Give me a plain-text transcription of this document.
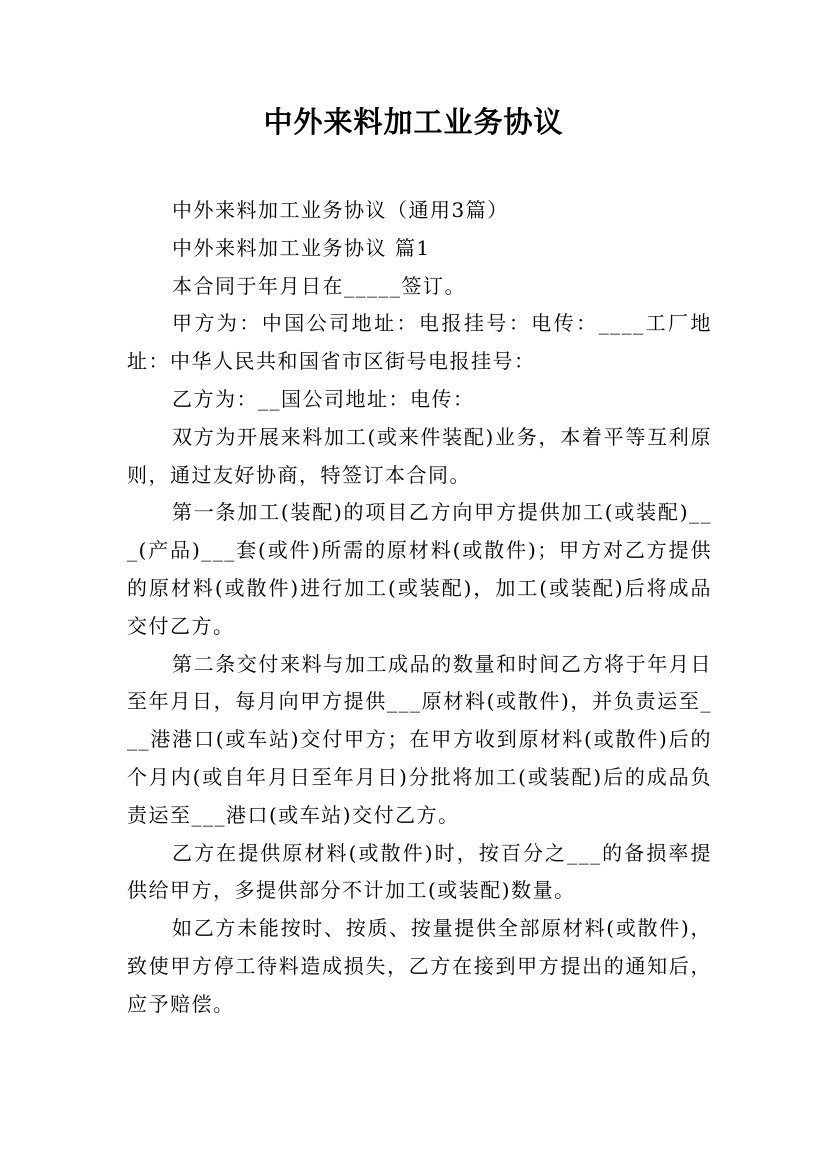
中外来料加工业务协议

中外来料加工业务协议（通用3篇）

中外来料加工业务协议 篇1

本合同于年月日在_____签订。

甲方为：中国公司地址：电报挂号：电传：____工厂地址：中华人民共和国省市区街号电报挂号：

乙方为：__国公司地址：电传：

双方为开展来料加工(或来件装配)业务，本着平等互利原则，通过友好协商，特签订本合同。

第一条加工(装配)的项目乙方向甲方提供加工(或装配)___(产品)___套(或件)所需的原材料(或散件)；甲方对乙方提供的原材料(或散件)进行加工(或装配)，加工(或装配)后将成品交付乙方。

第二条交付来料与加工成品的数量和时间乙方将于年月日至年月日，每月向甲方提供___原材料(或散件)，并负责运至___港港口(或车站)交付甲方；在甲方收到原材料(或散件)后的个月内(或自年月日至年月日)分批将加工(或装配)后的成品负责运至___港口(或车站)交付乙方。

乙方在提供原材料(或散件)时，按百分之___的备损率提供给甲方，多提供部分不计加工(或装配)数量。

如乙方未能按时、按质、按量提供全部原材料(或散件)，致使甲方停工待料造成损失，乙方在接到甲方提出的通知后，应予赔偿。
